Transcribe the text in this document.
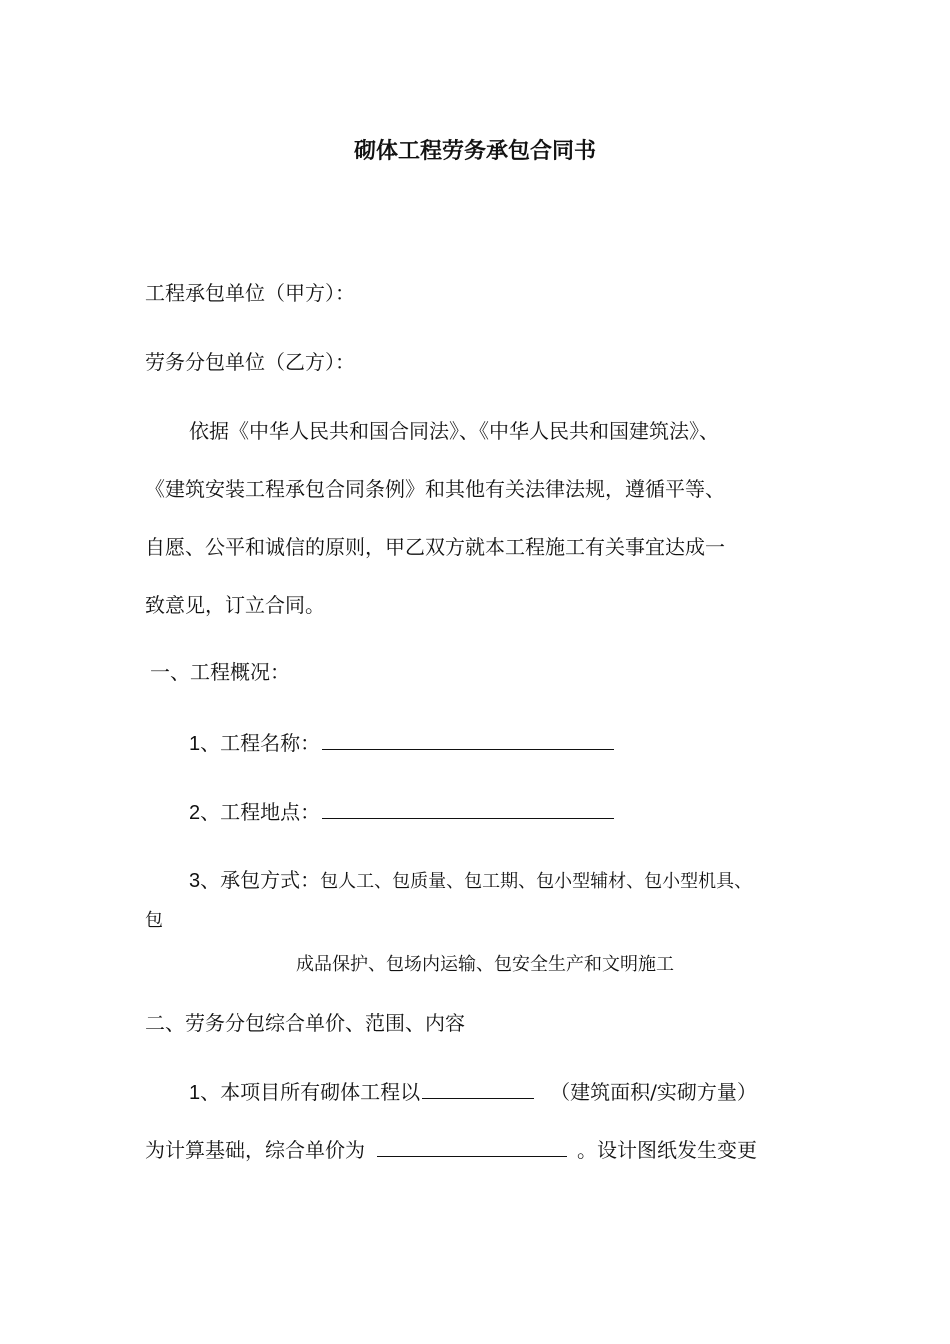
砌体工程劳务承包合同书
工程承包单位（甲方）：
劳务分包单位（乙方）：
依据《中华人民共和国合同法》、《中华人民共和国建筑法》、
《建筑安装工程承包合同条例》和其他有关法律法规，遵循平等、
自愿、公平和诚信的原则，甲乙双方就本工程施工有关事宜达成一
致意见，订立合同。
一、工程概况：
1、工程名称：
2、工程地点：
3、承包方式：包人工、包质量、包工期、包小型辅材、包小型机具、
包
成品保护、包场内运输、包安全生产和文明施工
二、劳务分包综合单价、范围、内容
1、本项目所有砌体工程以	（建筑面积/实砌方量）
为计算基础，综合单价为	。设计图纸发生变更
